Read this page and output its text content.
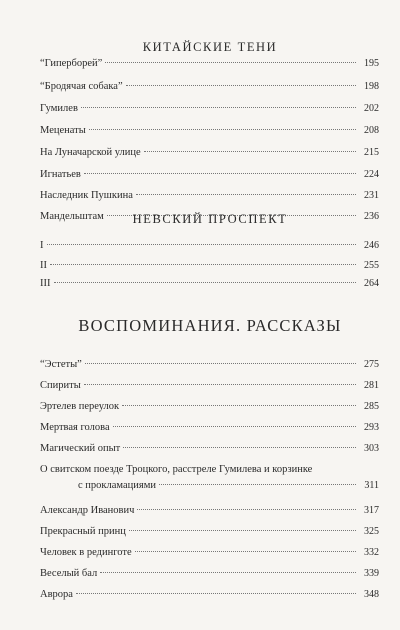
КИТАЙСКИЕ ТЕНИ
“Гиперборей”	195
“Бродячая собака”	198
Гумилев	202
Меценаты	208
На Луначарской улице	215
Игнатьев	224
Наследник Пушкина	231
Мандельштам	236
НЕВСКИЙ ПРОСПЕКТ
I	246
II	255
III	264
ВОСПОМИНАНИЯ. РАССКАЗЫ
“Эстеты”	275
Спириты	281
Эртелев переулок	285
Мертвая голова	293
Магический опыт	303
О свитском поезде Троцкого, расстреле Гумилева и корзинке
с прокламациями	311
Александр Иванович	317
Прекрасный принц	325
Человек в рединготе	332
Веселый бал	339
Аврора	348
